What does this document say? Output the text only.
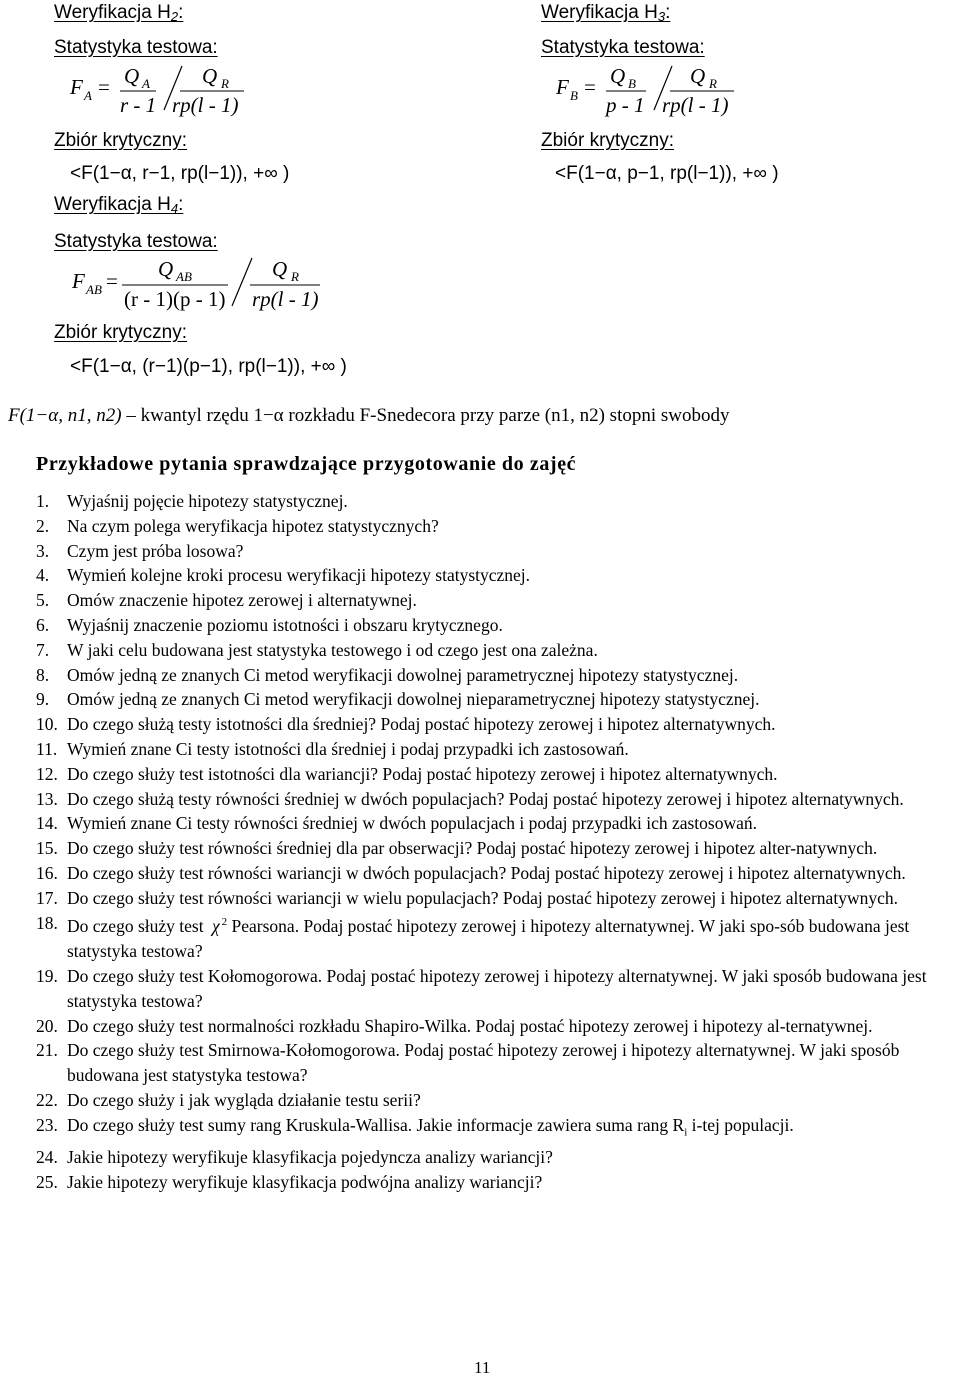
Weryfikacja H2:
Statystyka testowa:
F A = Q A
r - 1
Q R
rp(l - 1)
Zbiór krytyczny:
<F(1−α, r−1, rp(l−1)), +∞ )
Weryfikacja H3:
Statystyka testowa:
F B = Q B
p - 1
Q R
rp(l - 1)
Zbiór krytyczny:
<F(1−α, p−1, rp(l−1)), +∞ )
Weryfikacja H4:
Statystyka testowa:
F AB = Q AB
(r - 1)(p - 1)
Q R
rp(l - 1)
Zbiór krytyczny:
<F(1−α, (r−1)(p−1), rp(l−1)), +∞ )
F(1−α, n1, n2) – kwantyl rzędu 1−α rozkładu F-Snedecora przy parze (n1, n2) stopni swobody
Przykładowe pytania sprawdzające przygotowanie do zajęć
1. Wyjaśnij pojęcie hipotezy statystycznej.
2. Na czym polega weryfikacja hipotez statystycznych?
3. Czym jest próba losowa?
4. Wymień kolejne kroki procesu weryfikacji hipotezy statystycznej.
5. Omów znaczenie hipotez zerowej i alternatywnej.
6. Wyjaśnij znaczenie poziomu istotności i obszaru krytycznego.
7. W jaki celu budowana jest statystyka testowego i od czego jest ona zależna.
8. Omów jedną ze znanych Ci metod weryfikacji dowolnej parametrycznej hipotezy statystycznej.
9. Omów jedną ze znanych Ci metod weryfikacji dowolnej nieparametrycznej hipotezy statystycznej.
10. Do czego służą testy istotności dla średniej? Podaj postać hipotezy zerowej i hipotez alternatywnych.
11. Wymień znane Ci testy istotności dla średniej i podaj przypadki ich zastosowań.
12. Do czego służy test istotności dla wariancji? Podaj postać hipotezy zerowej i hipotez alternatywnych.
13. Do czego służą testy równości średniej w dwóch populacjach? Podaj postać hipotezy zerowej i hipotez alternatywnych.
14. Wymień znane Ci testy równości średniej w dwóch populacjach i podaj przypadki ich zastosowań.
15. Do czego służy test równości średniej dla par obserwacji? Podaj postać hipotezy zerowej i hipotez alter-natywnych.
16. Do czego służy test równości wariancji w dwóch populacjach? Podaj postać hipotezy zerowej i hipotez alternatywnych.
17. Do czego służy test równości wariancji w wielu populacjach? Podaj postać hipotezy zerowej i hipotez alternatywnych.
18. Do czego służy test χ $^2$ Pearsona. Podaj postać hipotezy zerowej i hipotezy alternatywnej. W jaki spo-sób budowana jest statystyka testowa?
19. Do czego służy test Kołomogorowa. Podaj postać hipotezy zerowej i hipotezy alternatywnej. W jaki sposób budowana jest statystyka testowa?
20. Do czego służy test normalności rozkładu Shapiro-Wilka. Podaj postać hipotezy zerowej i hipotezy al-ternatywnej.
21. Do czego służy test Smirnowa-Kołomogorowa. Podaj postać hipotezy zerowej i hipotezy alternatywnej. W jaki sposób budowana jest statystyka testowa?
22. Do czego służy i jak wygląda działanie testu serii?
23. Do czego służy test sumy rang Kruskula-Wallisa. Jakie informacje zawiera suma rang $R_i$ i-tej populacji.
24. Jakie hipotezy weryfikuje klasyfikacja pojedyncza analizy wariancji?
25. Jakie hipotezy weryfikuje klasyfikacja podwójna analizy wariancji?
11
